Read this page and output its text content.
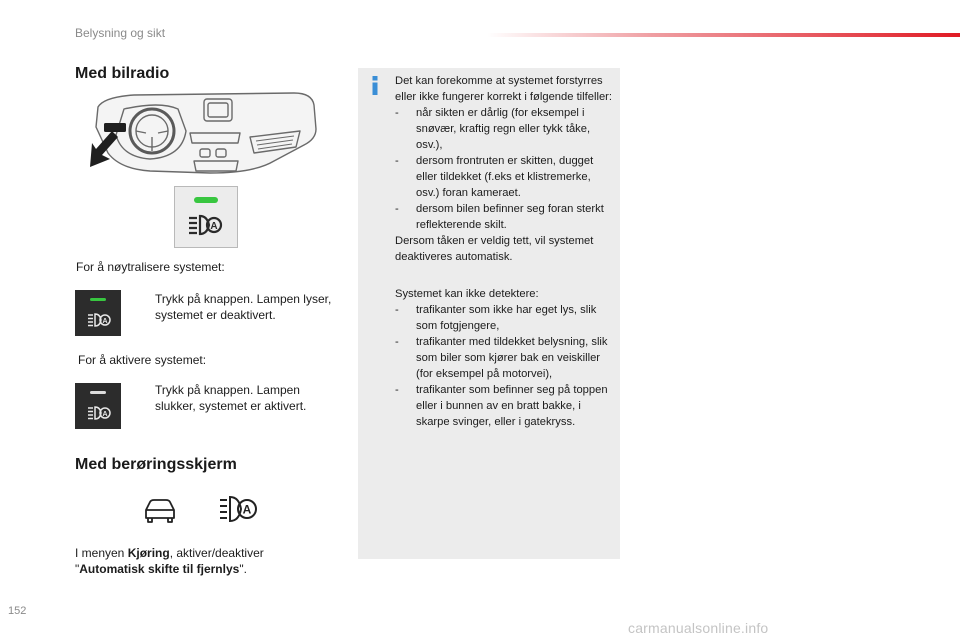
Belysning og sikt
Med bilradio
A
For å nøytralisere systemet:
A

Trykk på knappen. Lampen lyser, systemet er deaktivert.
For å aktivere systemet:
A

Trykk på knappen. Lampen slukker, systemet er aktivert.
Med berøringsskjerm
A
I menyen Kjøring, aktiver/deaktiver
"Automatisk skifte til fjernlys".

Det kan forekomme at systemet forstyrres eller ikke fungerer korrekt i følgende tilfeller:

- når sikten er dårlig (for eksempel i snøvær, kraftig regn eller tykk tåke, osv.),
- dersom frontruten er skitten, dugget eller tildekket (f.eks et klistremerke, osv.) foran kameraet.
- dersom bilen befinner seg foran sterkt reflekterende skilt.

Dersom tåken er veldig tett, vil systemet deaktiveres automatisk.

Systemet kan ikke detektere:

- trafikanter som ikke har eget lys, slik som fotgjengere,
- trafikanter med tildekket belysning, slik som biler som kjører bak en veiskiller (for eksempel på motorvei),
- trafikanter som befinner seg på toppen eller i bunnen av en bratt bakke, i skarpe svinger, eller i gatekryss.
152
carmanualsonline.info
